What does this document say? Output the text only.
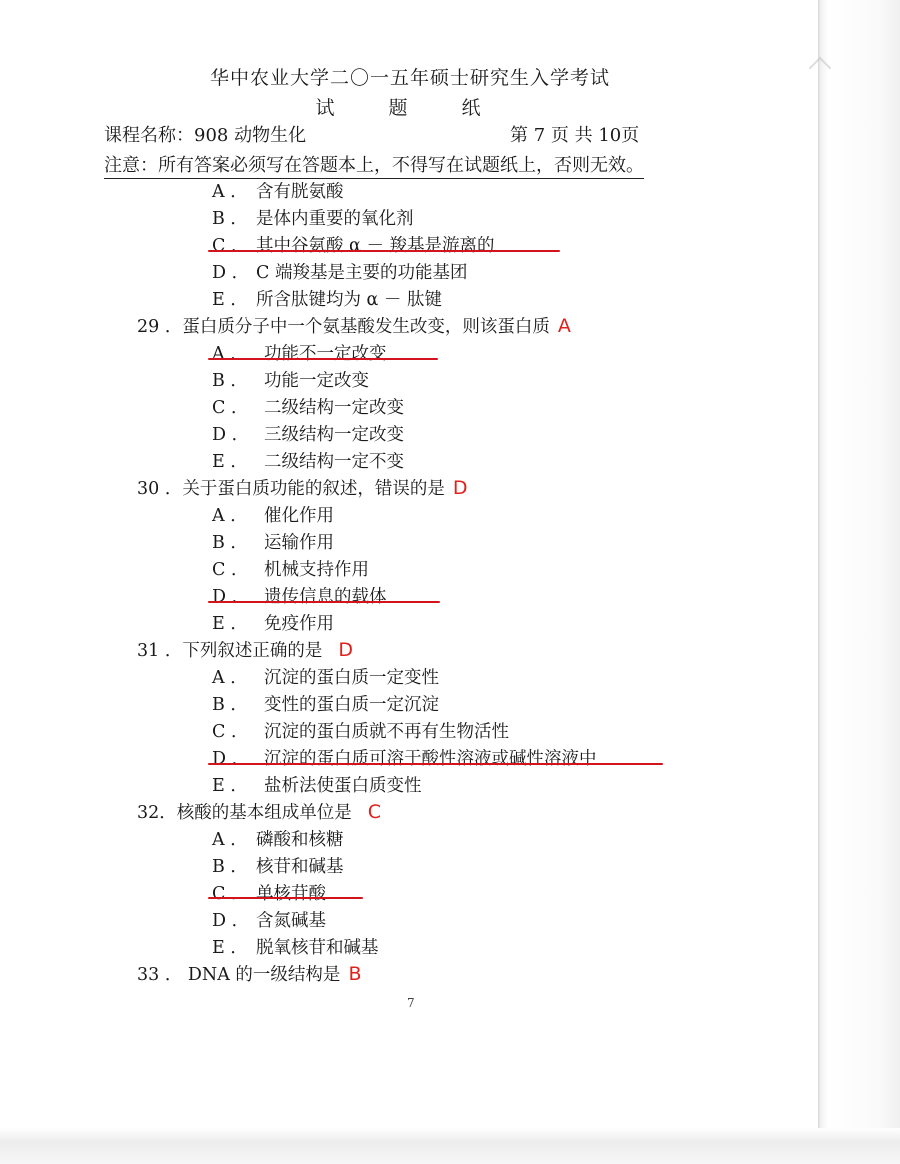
华中农业大学二〇一五年硕士研究生入学考试
试 题 纸
课程名称：908 动物生化	第 7 页 共 10页
注意：所有答案必须写在答题本上，不得写在试题纸上，否则无效。
A ． 含有胱氨酸
B ． 是体内重要的氧化剂
C ． 其中谷氨酸 α － 羧基是游离的
D ． C 端羧基是主要的功能基团
E ． 所含肽键均为 α － 肽键
29 ．蛋白质分子中一个氨基酸发生改变，则该蛋白质 A
A ． 功能不一定改变
B ． 功能一定改变
C ． 二级结构一定改变
D ． 三级结构一定改变
E ． 二级结构一定不变
30 ．关于蛋白质功能的叙述，错误的是 D
A ． 催化作用
B ． 运输作用
C ． 机械支持作用
D ． 遗传信息的载体
E ． 免疫作用
31 ．下列叙述正确的是 D
A ． 沉淀的蛋白质一定变性
B ． 变性的蛋白质一定沉淀
C ． 沉淀的蛋白质就不再有生物活性
D ． 沉淀的蛋白质可溶于酸性溶液或碱性溶液中
E ． 盐析法使蛋白质变性
32．核酸的基本组成单位是 C
A ． 磷酸和核糖
B ． 核苷和碱基
C ． 单核苷酸
D ． 含氮碱基
E ． 脱氧核苷和碱基
33 ． DNA 的一级结构是 B
7
